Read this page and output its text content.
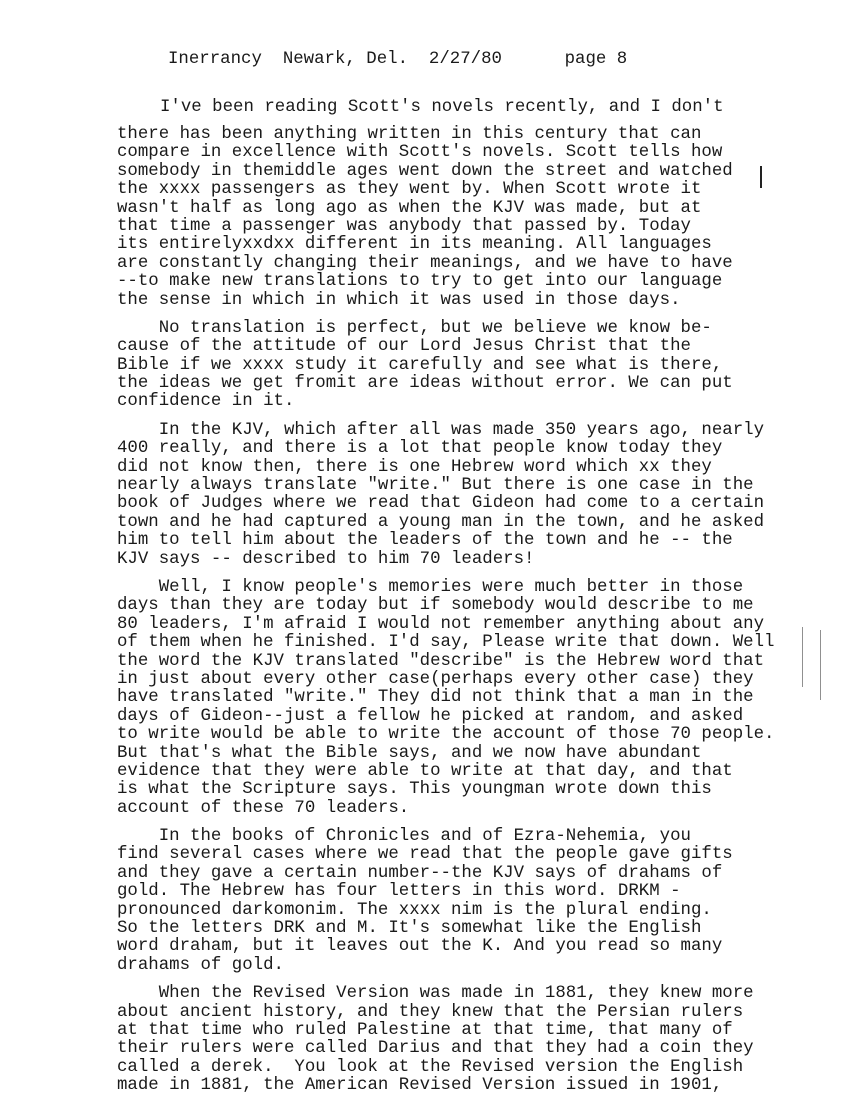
Inerrancy Newark, Del. 2/27/80	page 8
I've been reading Scott's novels recently, and I don't
there has been anything written in this century that can
compare in excellence with Scott's novels. Scott tells how
somebody in themiddle ages went down the street and watched
the xxxx passengers as they went by. When Scott wrote it
wasn't half as long ago as when the KJV was made, but at
that time a passenger was anybody that passed by. Today
its entirelyxxdxx different in its meaning. All languages
are constantly changing their meanings, and we have to have
--to make new translations to try to get into our language
the sense in which in which it was used in those days.
No translation is perfect, but we believe we know be-
cause of the attitude of our Lord Jesus Christ that the
Bible if we xxxx study it carefully and see what is there,
the ideas we get fromit are ideas without error. We can put
confidence in it.
In the KJV, which after all was made 350 years ago, nearly
400 really, and there is a lot that people know today they
did not know then, there is one Hebrew word which xx they
nearly always translate "write." But there is one case in the
book of Judges where we read that Gideon had come to a certain
town and he had captured a young man in the town, and he asked
him to tell him about the leaders of the town and he -- the
KJV says -- described to him 70 leaders!
Well, I know people's memories were much better in those
days than they are today but if somebody would describe to me
80 leaders, I'm afraid I would not remember anything about any
of them when he finished. I'd say, Please write that down. Well
the word the KJV translated "describe" is the Hebrew word that
in just about every other case(perhaps every other case) they
have translated "write." They did not think that a man in the
days of Gideon--just a fellow he picked at random, and asked
to write would be able to write the account of those 70 people.
But that's what the Bible says, and we now have abundant
evidence that they were able to write at that day, and that
is what the Scripture says. This youngman wrote down this
account of these 70 leaders.
In the books of Chronicles and of Ezra-Nehemia, you
find several cases where we read that the people gave gifts
and they gave a certain number--the KJV says of drahams of
gold. The Hebrew has four letters in this word. DRKM -
pronounced darkomonim. The xxxx nim is the plural ending.
So the letters DRK and M. It's somewhat like the English
word draham, but it leaves out the K. And you read so many
drahams of gold.
When the Revised Version was made in 1881, they knew more
about ancient history, and they knew that the Persian rulers
at that time who ruled Palestine at that time, that many of
their rulers were called Darius and that they had a coin they
called a derek.  You look at the Revised version the English
made in 1881, the American Revised Version issued in 1901,
